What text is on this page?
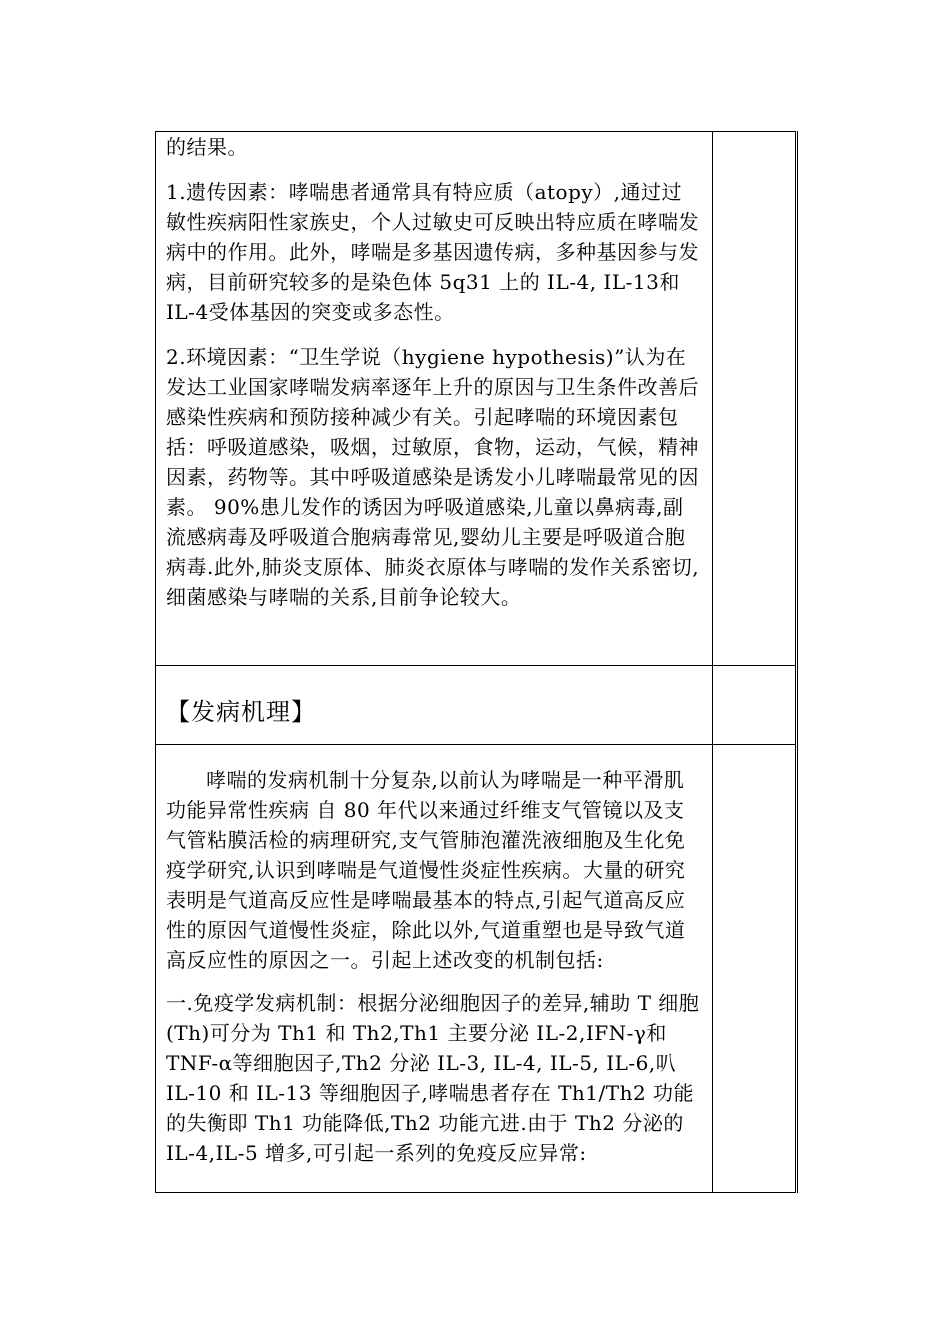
的结果。

1.遗传因素：哮喘患者通常具有特应质（atopy）,通过过敏性疾病阳性家族史，个人过敏史可反映出特应质在哮喘发病中的作用。此外，哮喘是多基因遗传病，多种基因参与发病，目前研究较多的是染色体 5q31 上的 IL-4, IL-13和 IL-4受体基因的突变或多态性。

2.环境因素：“卫生学说（hygiene hypothesis)”认为在发达工业国家哮喘发病率逐年上升的原因与卫生条件改善后感染性疾病和预防接种减少有关。引起哮喘的环境因素包括：呼吸道感染，吸烟，过敏原，食物，运动，气候，精神因素，药物等。其中呼吸道感染是诱发小儿哮喘最常见的因素。 90%患儿发作的诱因为呼吸道感染,儿童以鼻病毒,副流感病毒及呼吸道合胞病毒常见,婴幼儿主要是呼吸道合胞病毒.此外,肺炎支原体、肺炎衣原体与哮喘的发作关系密切,细菌感染与哮喘的关系,目前争论较大。	

【发病机理】	

哮喘的发病机制十分复杂,以前认为哮喘是一种平滑肌功能异常性疾病 自 80 年代以来通过纤维支气管镜以及支气管粘膜活检的病理研究,支气管肺泡灌洗液细胞及生化免疫学研究,认识到哮喘是气道慢性炎症性疾病。大量的研究表明是气道高反应性是哮喘最基本的特点,引起气道高反应性的原因气道慢性炎症，除此以外,气道重塑也是导致气道高反应性的原因之一。引起上述改变的机制包括:

一.免疫学发病机制：根据分泌细胞因子的差异,辅助 T 细胞(Th)可分为 Th1 和 Th2,Th1 主要分泌 IL-2,IFN-γ和 TNF-α等细胞因子,Th2 分泌 IL-3, IL-4, IL-5, IL-6,叭 IL-10 和 IL-13 等细胞因子,哮喘患者存在 Th1/Th2 功能的失衡即 Th1 功能降低,Th2 功能亢进.由于 Th2 分泌的 IL-4,IL-5 增多,可引起一系列的免疫反应异常:	
